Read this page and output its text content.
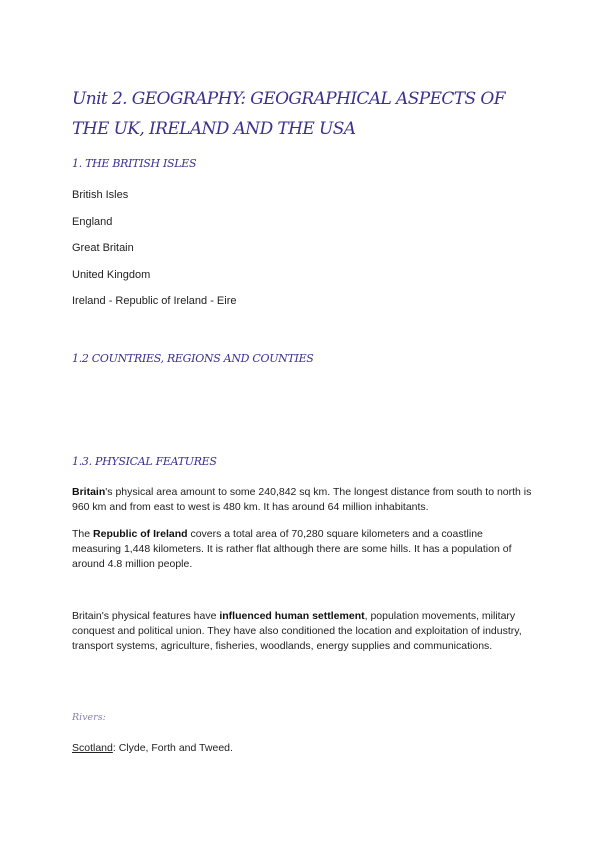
Unit 2. GEOGRAPHY: GEOGRAPHICAL ASPECTS OF THE UK, IRELAND AND THE USA
1. THE BRITISH ISLES

British Isles

England

Great Britain

United Kingdom

Ireland - Republic of Ireland - Eire

1.2 COUNTRIES, REGIONS AND COUNTIES
1.3. PHYSICAL FEATURES

Britain's physical area amount to some 240,842 sq km. The longest distance from south to north is 960 km and from east to west is 480 km. It has around 64 million inhabitants.

The Republic of Ireland covers a total area of 70,280 square kilometers and a coastline measuring 1,448 kilometers. It is rather flat although there are some hills. It has a population of around 4.8 million people.

Britain's physical features have influenced human settlement, population movements, military conquest and political union. They have also conditioned the location and exploitation of industry, transport systems, agriculture, fisheries, woodlands, energy supplies and communications.

Rivers:

Scotland: Clyde, Forth and Tweed.
